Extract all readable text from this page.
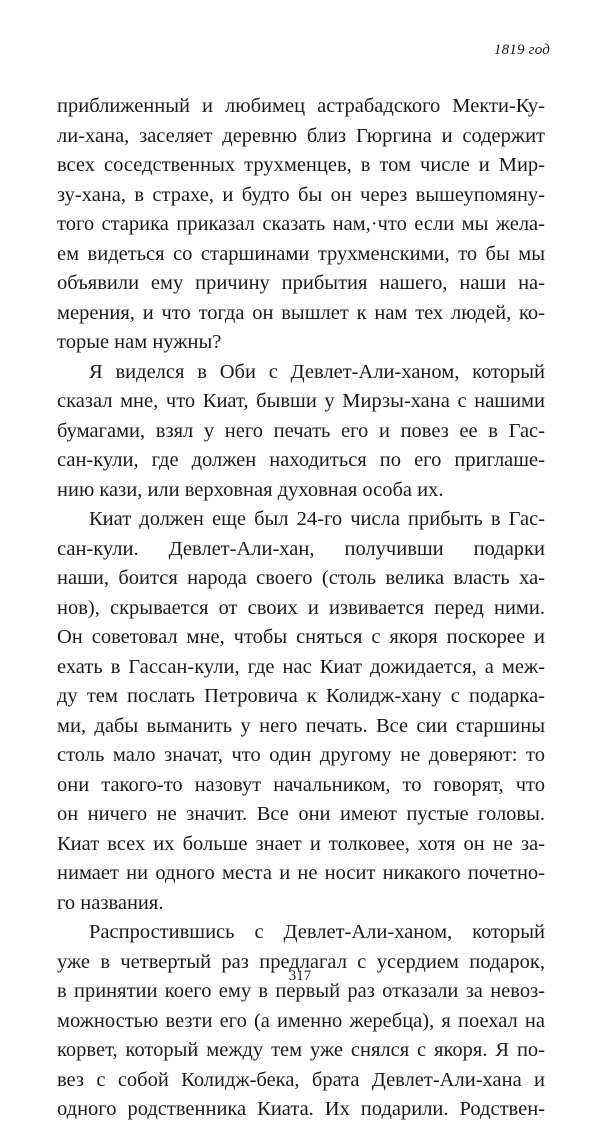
1819 год
приближенный и любимец астрабадского Мекти-Ку-
ли-хана, заселяет деревню близ Гюргина и содержит
всех соседственных трухменцев, в том числе и Мир-
зу-хана, в страхе, и будто бы он через вышеупомяну-
того старика приказал сказать нам,·что если мы жела-
ем видеться со старшинами трухменскими, то бы мы
объявили ему причину прибытия нашего, наши на-
мерения, и что тогда он вышлет к нам тех людей, ко-
торые нам нужны?
Я виделся в Оби с Девлет-Али-ханом, который
сказал мне, что Киат, бывши у Мирзы-хана с нашими
бумагами, взял у него печать его и повез ее в Гас-
сан-кули, где должен находиться по его приглаше-
нию кази, или верховная духовная особа их.
Киат должен еще был 24-го числа прибыть в Гас-
сан-кули. Девлет-Али-хан, получивши подарки
наши, боится народа своего (столь велика власть ха-
нов), скрывается от своих и извивается перед ними.
Он советовал мне, чтобы сняться с якоря поскорее и
ехать в Гассан-кули, где нас Киат дожидается, а меж-
ду тем послать Петровича к Колидж-хану с подарка-
ми, дабы выманить у него печать. Все сии старшины
столь мало значат, что один другому не доверяют: то
они такого-то назовут начальником, то говорят, что
он ничего не значит. Все они имеют пустые головы.
Киат всех их больше знает и толковее, хотя он не за-
нимает ни одного места и не носит никакого почетно-
го названия.
Распростившись с Девлет-Али-ханом, который
уже в четвертый раз предлагал с усердием подарок,
в принятии коего ему в первый раз отказали за невоз-
можностью везти его (а именно жеребца), я поехал на
корвет, который между тем уже снялся с якоря. Я по-
вез с собой Колидж-бека, брата Девлет-Али-хана и
одного родственника Киата. Их подарили. Родствен-
317
